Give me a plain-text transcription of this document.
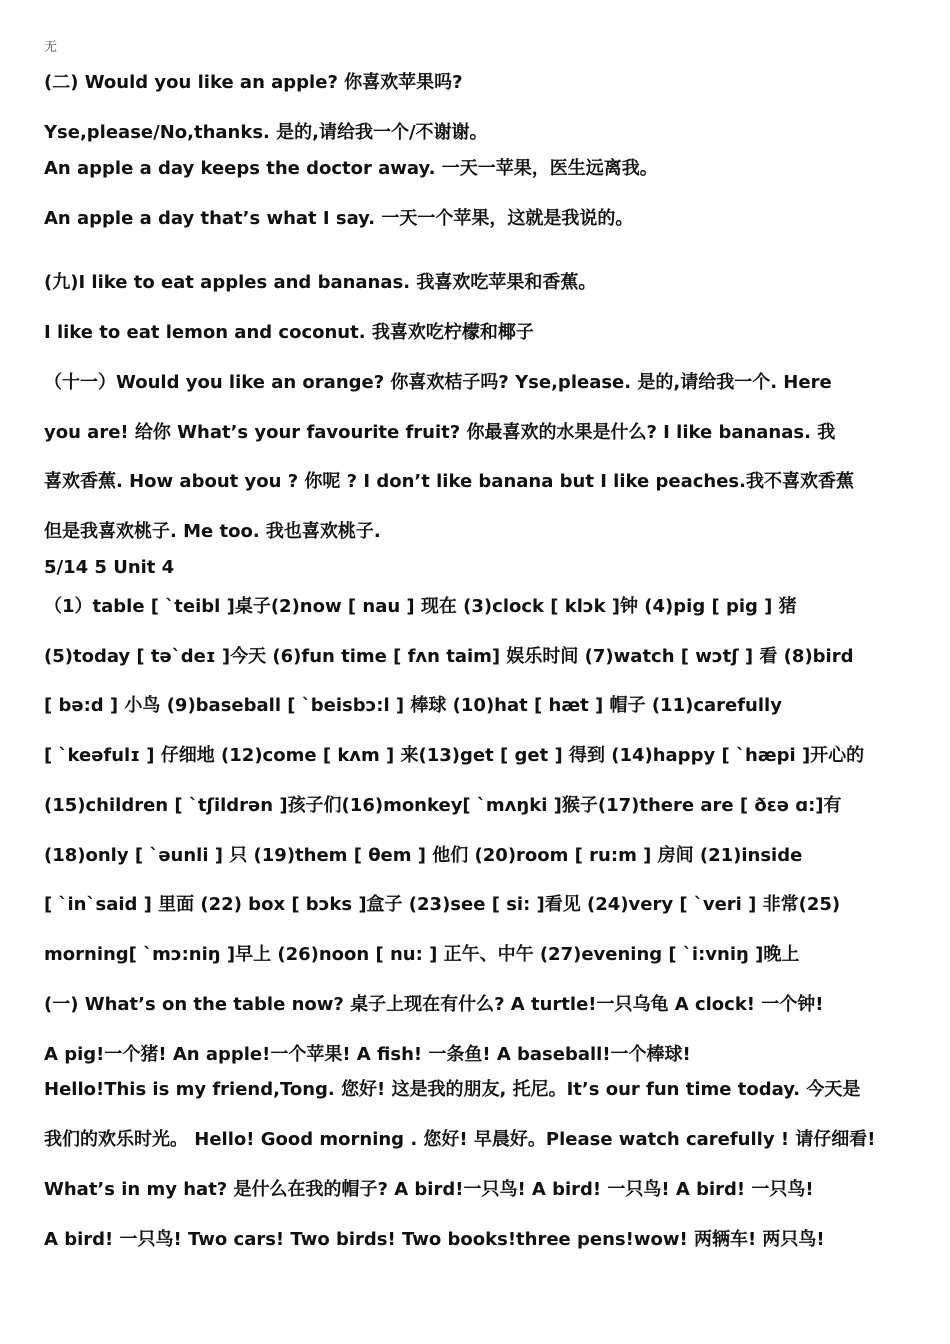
无
(二) Would you like an apple? 你喜欢苹果吗?
Yse,please/No,thanks. 是的,请给我一个/不谢谢。
An apple a day keeps the doctor away. 一天一苹果，医生远离我。
An apple a day that’s what I say. 一天一个苹果，这就是我说的。
(九)I like to eat apples and bananas. 我喜欢吃苹果和香蕉。
I like to eat lemon and coconut. 我喜欢吃柠檬和椰子
（十一）Would you like an orange? 你喜欢桔子吗? Yse,please. 是的,请给我一个. Here
you are! 给你 What’s your favourite fruit? 你最喜欢的水果是什么? I like bananas. 我
喜欢香蕉. How about you ? 你呢 ? I don’t like banana but I like peaches.我不喜欢香蕉
但是我喜欢桃子. Me too. 我也喜欢桃子.
5/14 5 Unit 4
（1）table [ ˋteibl ]桌子(2)now [ nau ] 现在 (3)clock [ klɔk ]钟 (4)pig [ pig ] 猪
(5)today [ təˋdeɪ ]今天 (6)fun time [ fʌn taim] 娱乐时间 (7)watch [ wɔtʃ ] 看 (8)bird
[ bə:d ] 小鸟 (9)baseball [ ˋbeisbɔ:l ] 棒球 (10)hat [ hæt ] 帽子 (11)carefully
[ ˋkeəfulɪ ] 仔细地 (12)come [ kʌm ] 来(13)get [ get ] 得到 (14)happy [ ˋhæpi ]开心的
(15)children [ ˋtʃildrən ]孩子们(16)monkey[ ˋmʌŋki ]猴子(17)there are [ ðɛə ɑ:]有
(18)only [ ˋəunli ] 只 (19)them [ θem ] 他们 (20)room [ ru:m ] 房间 (21)inside
[ ˋinˋsaid ] 里面 (22) box [ bɔks ]盒子 (23)see [ si: ]看见 (24)very [ ˋveri ] 非常(25)
morning[ ˋmɔ:niŋ ]早上 (26)noon [ nu: ] 正午、中午 (27)evening [ ˋi:vniŋ ]晚上
(一) What’s on the table now? 桌子上现在有什么? A turtle!一只乌龟 A clock! 一个钟!
A pig!一个猪! An apple!一个苹果! A fish! 一条鱼! A baseball!一个棒球!
Hello!This is my friend,Tong. 您好! 这是我的朋友, 托尼。It’s our fun time today. 今天是
我们的欢乐时光。 Hello! Good morning . 您好! 早晨好。Please watch carefully ! 请仔细看!
What’s in my hat? 是什么在我的帽子? A bird!一只鸟! A bird! 一只鸟! A bird! 一只鸟!
A bird! 一只鸟! Two cars! Two birds! Two books!three pens!wow! 两辆车! 两只鸟!
